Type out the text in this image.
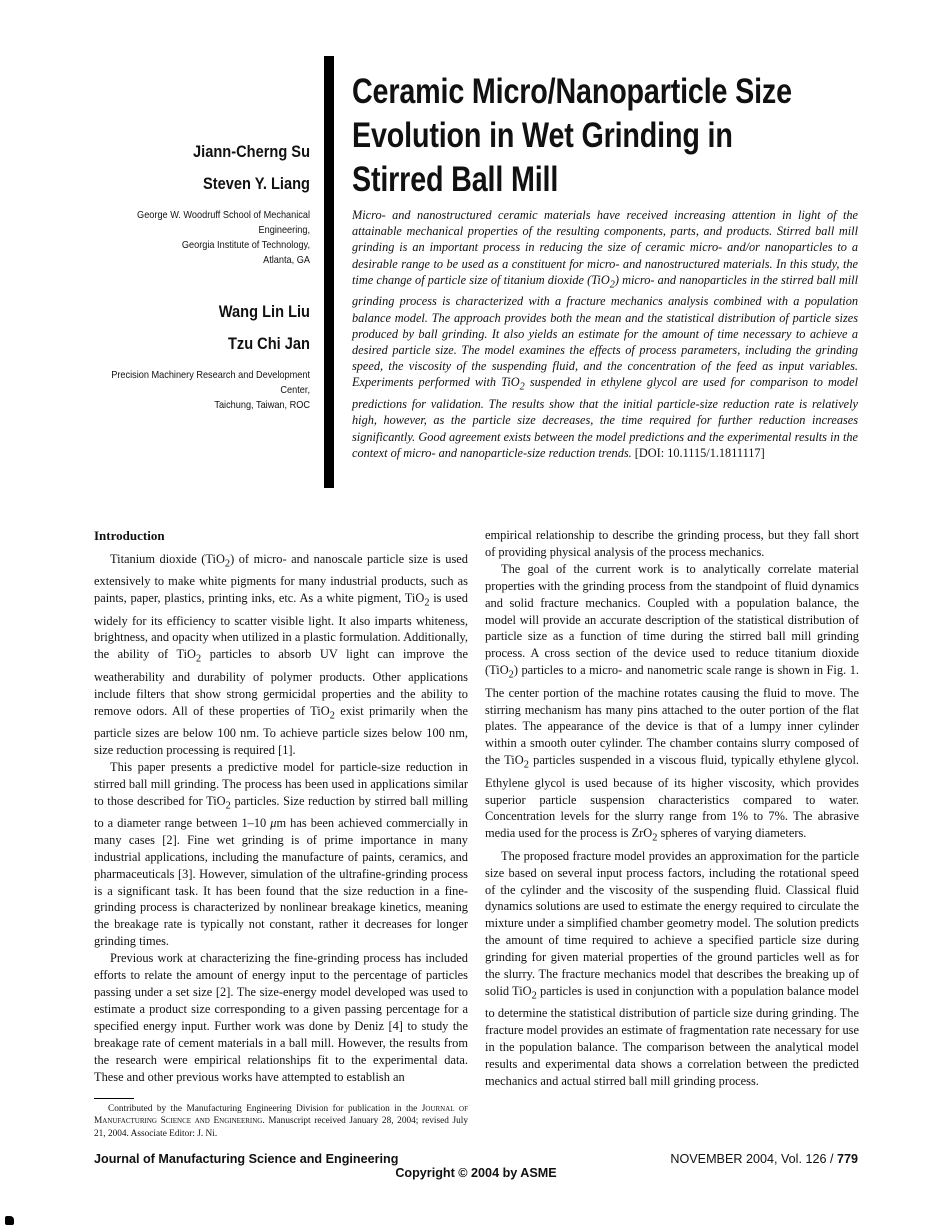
Jiann-Cherng Su
Steven Y. Liang
George W. Woodruff School of Mechanical
Engineering,
Georgia Institute of Technology,
Atlanta, GA
Wang Lin Liu
Tzu Chi Jan
Precision Machinery Research and Development
Center,
Taichung, Taiwan, ROC
Ceramic Micro/Nanoparticle Size
Evolution in Wet Grinding in
Stirred Ball Mill
Micro- and nanostructured ceramic materials have received increasing attention in light of the attainable mechanical properties of the resulting components, parts, and products. Stirred ball mill grinding is an important process in reducing the size of ceramic micro- and/or nanoparticles to a desirable range to be used as a constituent for micro- and nanostructured materials. In this study, the time change of particle size of titanium dioxide (TiO$_2$) micro- and nanoparticles in the stirred ball mill grinding process is characterized with a fracture mechanics analysis combined with a population balance model. The approach provides both the mean and the statistical distribution of particle sizes produced by ball grinding. It also yields an estimate for the amount of time necessary to achieve a desired particle size. The model examines the effects of process parameters, including the grinding speed, the viscosity of the suspending fluid, and the concentration of the feed as input variables. Experiments performed with TiO$_2$ suspended in ethylene glycol are used for comparison to model predictions for validation. The results show that the initial particle-size reduction rate is relatively high, however, as the particle size decreases, the time required for further reduction increases significantly. Good agreement exists between the model predictions and the experimental results in the context of micro- and nanoparticle-size reduction trends. [DOI: 10.1115/1.1811117]
Introduction

Titanium dioxide (TiO$_2$) of micro- and nanoscale particle size is used extensively to make white pigments for many industrial products, such as paints, paper, plastics, printing inks, etc. As a white pigment, TiO$_2$ is used widely for its efficiency to scatter visible light. It also imparts whiteness, brightness, and opacity when utilized in a plastic formulation. Additionally, the ability of TiO$_2$ particles to absorb UV light can improve the weatherability and durability of polymer products. Other applications include filters that show strong germicidal properties and the ability to remove odors. All of these properties of TiO$_2$ exist primarily when the particle sizes are below 100 nm. To achieve particle sizes below 100 nm, size reduction processing is required [1].

This paper presents a predictive model for particle-size reduction in stirred ball mill grinding. The process has been used in applications similar to those described for TiO$_2$ particles. Size reduction by stirred ball milling to a diameter range between 1–10 μm has been achieved commercially in many cases [2]. Fine wet grinding is of prime importance in many industrial applications, including the manufacture of paints, ceramics, and pharmaceuticals [3]. However, simulation of the ultrafine-grinding process is a significant task. It has been found that the size reduction in a fine-grinding process is characterized by nonlinear breakage kinetics, meaning the breakage rate is typically not constant, rather it decreases for longer grinding times.

Previous work at characterizing the fine-grinding process has included efforts to relate the amount of energy input to the percentage of particles passing under a set size [2]. The size-energy model developed was used to estimate a product size corresponding to a given passing percentage for a specified energy input. Further work was done by Deniz [4] to study the breakage rate of cement materials in a ball mill. However, the results from the research were empirical relationships fit to the experimental data. These and other previous works have attempted to establish an

empirical relationship to describe the grinding process, but they fall short of providing physical analysis of the process mechanics.

The goal of the current work is to analytically correlate material properties with the grinding process from the standpoint of fluid dynamics and solid fracture mechanics. Coupled with a population balance, the model will provide an accurate description of the statistical distribution of particle size as a function of time during the stirred ball mill grinding process. A cross section of the device used to reduce titanium dioxide (TiO$_2$) particles to a micro- and nanometric scale range is shown in Fig. 1. The center portion of the machine rotates causing the fluid to move. The stirring mechanism has many pins attached to the outer portion of the flat plates. The appearance of the device is that of a lumpy inner cylinder within a smooth outer cylinder. The chamber contains slurry composed of the TiO$_2$ particles suspended in a viscous fluid, typically ethylene glycol. Ethylene glycol is used because of its higher viscosity, which provides superior particle suspension characteristics compared to water. Concentration levels for the slurry range from 1% to 7%. The abrasive media used for the process is ZrO$_2$ spheres of varying diameters.

The proposed fracture model provides an approximation for the particle size based on several input process factors, including the rotational speed of the cylinder and the viscosity of the suspending fluid. Classical fluid dynamics solutions are used to estimate the energy required to circulate the mixture under a simplified chamber geometry model. The solution predicts the amount of time required to achieve a specified particle size during grinding for given material properties of the ground particles well as for the slurry. The fracture mechanics model that describes the breaking up of solid TiO$_2$ particles is used in conjunction with a population balance model to determine the statistical distribution of particle size during grinding. The fracture model provides an estimate of fragmentation rate necessary for use in the population balance. The comparison between the analytical model results and experimental data shows a correlation between the predicted mechanics and actual stirred ball mill grinding process.

Contributed by the Manufacturing Engineering Division for publication in the Journal of Manufacturing Science and Engineering. Manuscript received January 28, 2004; revised July 21, 2004. Associate Editor: J. Ni.
Journal of Manufacturing Science and Engineering	NOVEMBER 2004, Vol. 126 / 779
Copyright © 2004 by ASME
